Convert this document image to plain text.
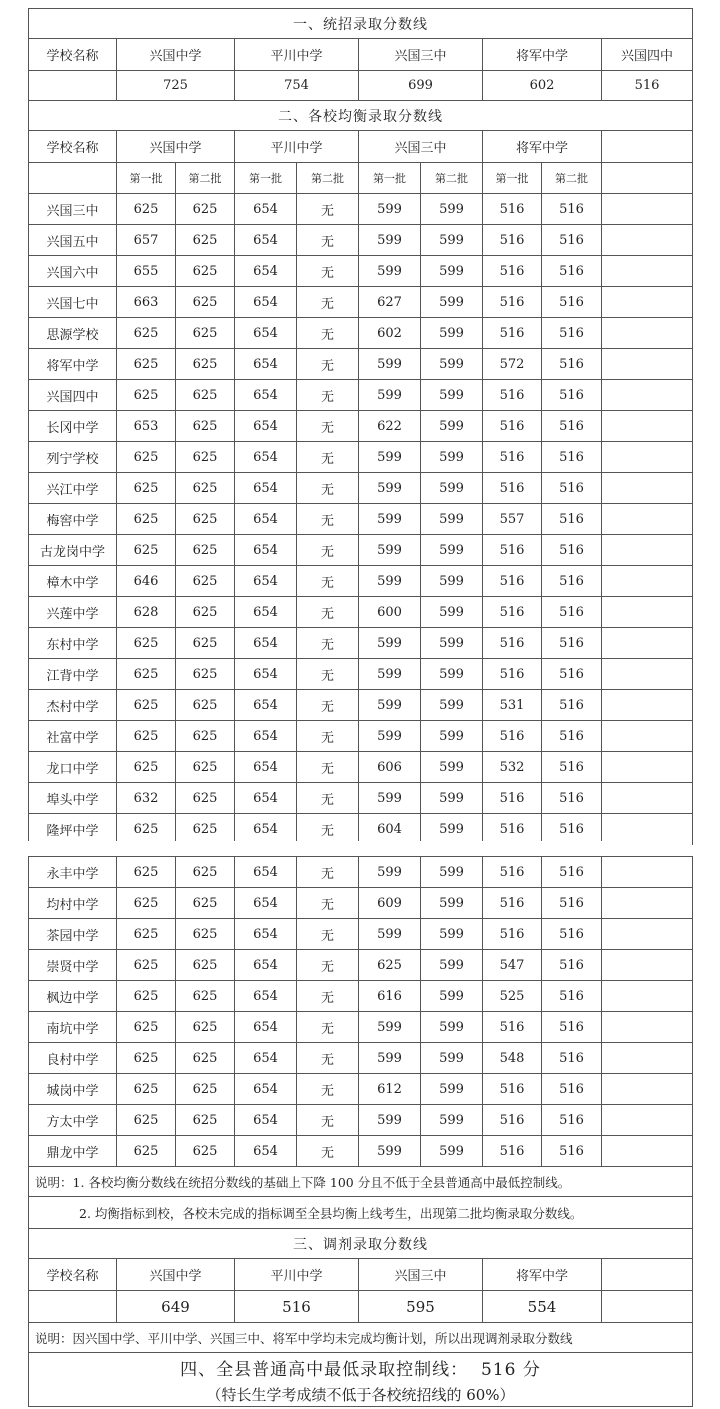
一、统招录取分数线									
学校名称	兴国中学		平川中学		兴国三中		将军中学		兴国四中
	725		754		699		602		516
二、各校均衡录取分数线									
学校名称	兴国中学		平川中学		兴国三中		将军中学		
	第一批	第二批	第一批	第二批	第一批	第二批	第一批	第二批	
兴国三中	625	625	654	无	599	599	516	516	
兴国五中	657	625	654	无	599	599	516	516	
兴国六中	655	625	654	无	599	599	516	516	
兴国七中	663	625	654	无	627	599	516	516	
思源学校	625	625	654	无	602	599	516	516	
将军中学	625	625	654	无	599	599	572	516	
兴国四中	625	625	654	无	599	599	516	516	
长冈中学	653	625	654	无	622	599	516	516	
列宁学校	625	625	654	无	599	599	516	516	
兴江中学	625	625	654	无	599	599	516	516	
梅窖中学	625	625	654	无	599	599	557	516	
古龙岗中学	625	625	654	无	599	599	516	516	
樟木中学	646	625	654	无	599	599	516	516	
兴莲中学	628	625	654	无	600	599	516	516	
东村中学	625	625	654	无	599	599	516	516	
江背中学	625	625	654	无	599	599	516	516	
杰村中学	625	625	654	无	599	599	531	516	
社富中学	625	625	654	无	599	599	516	516	
龙口中学	625	625	654	无	606	599	532	516	
埠头中学	632	625	654	无	599	599	516	516	
隆坪中学	625	625	654	无	604	599	516	516	
永丰中学	625	625	654	无	599	599	516	516	
均村中学	625	625	654	无	609	599	516	516	
茶园中学	625	625	654	无	599	599	516	516	
崇贤中学	625	625	654	无	625	599	547	516	
枫边中学	625	625	654	无	616	599	525	516	
南坑中学	625	625	654	无	599	599	516	516	
良村中学	625	625	654	无	599	599	548	516	
城岗中学	625	625	654	无	612	599	516	516	
方太中学	625	625	654	无	599	599	516	516	
鼎龙中学	625	625	654	无	599	599	516	516	
说明：1. 各校均衡分数线在统招分数线的基础上下降 100 分且不低于全县普通高中最低控制线。									
2. 均衡指标到校，各校未完成的指标调至全县均衡上线考生，出现第二批均衡录取分数线。									
三、调剂录取分数线									
学校名称	兴国中学		平川中学		兴国三中		将军中学		
	649		516		595		554		
说明：因兴国中学、平川中学、兴国三中、将军中学均未完成均衡计划，所以出现调剂录取分数线									

四、全县普通高中最低录取控制线：  516 分
（特长生学考成绩不低于各校统招线的 60%）									
